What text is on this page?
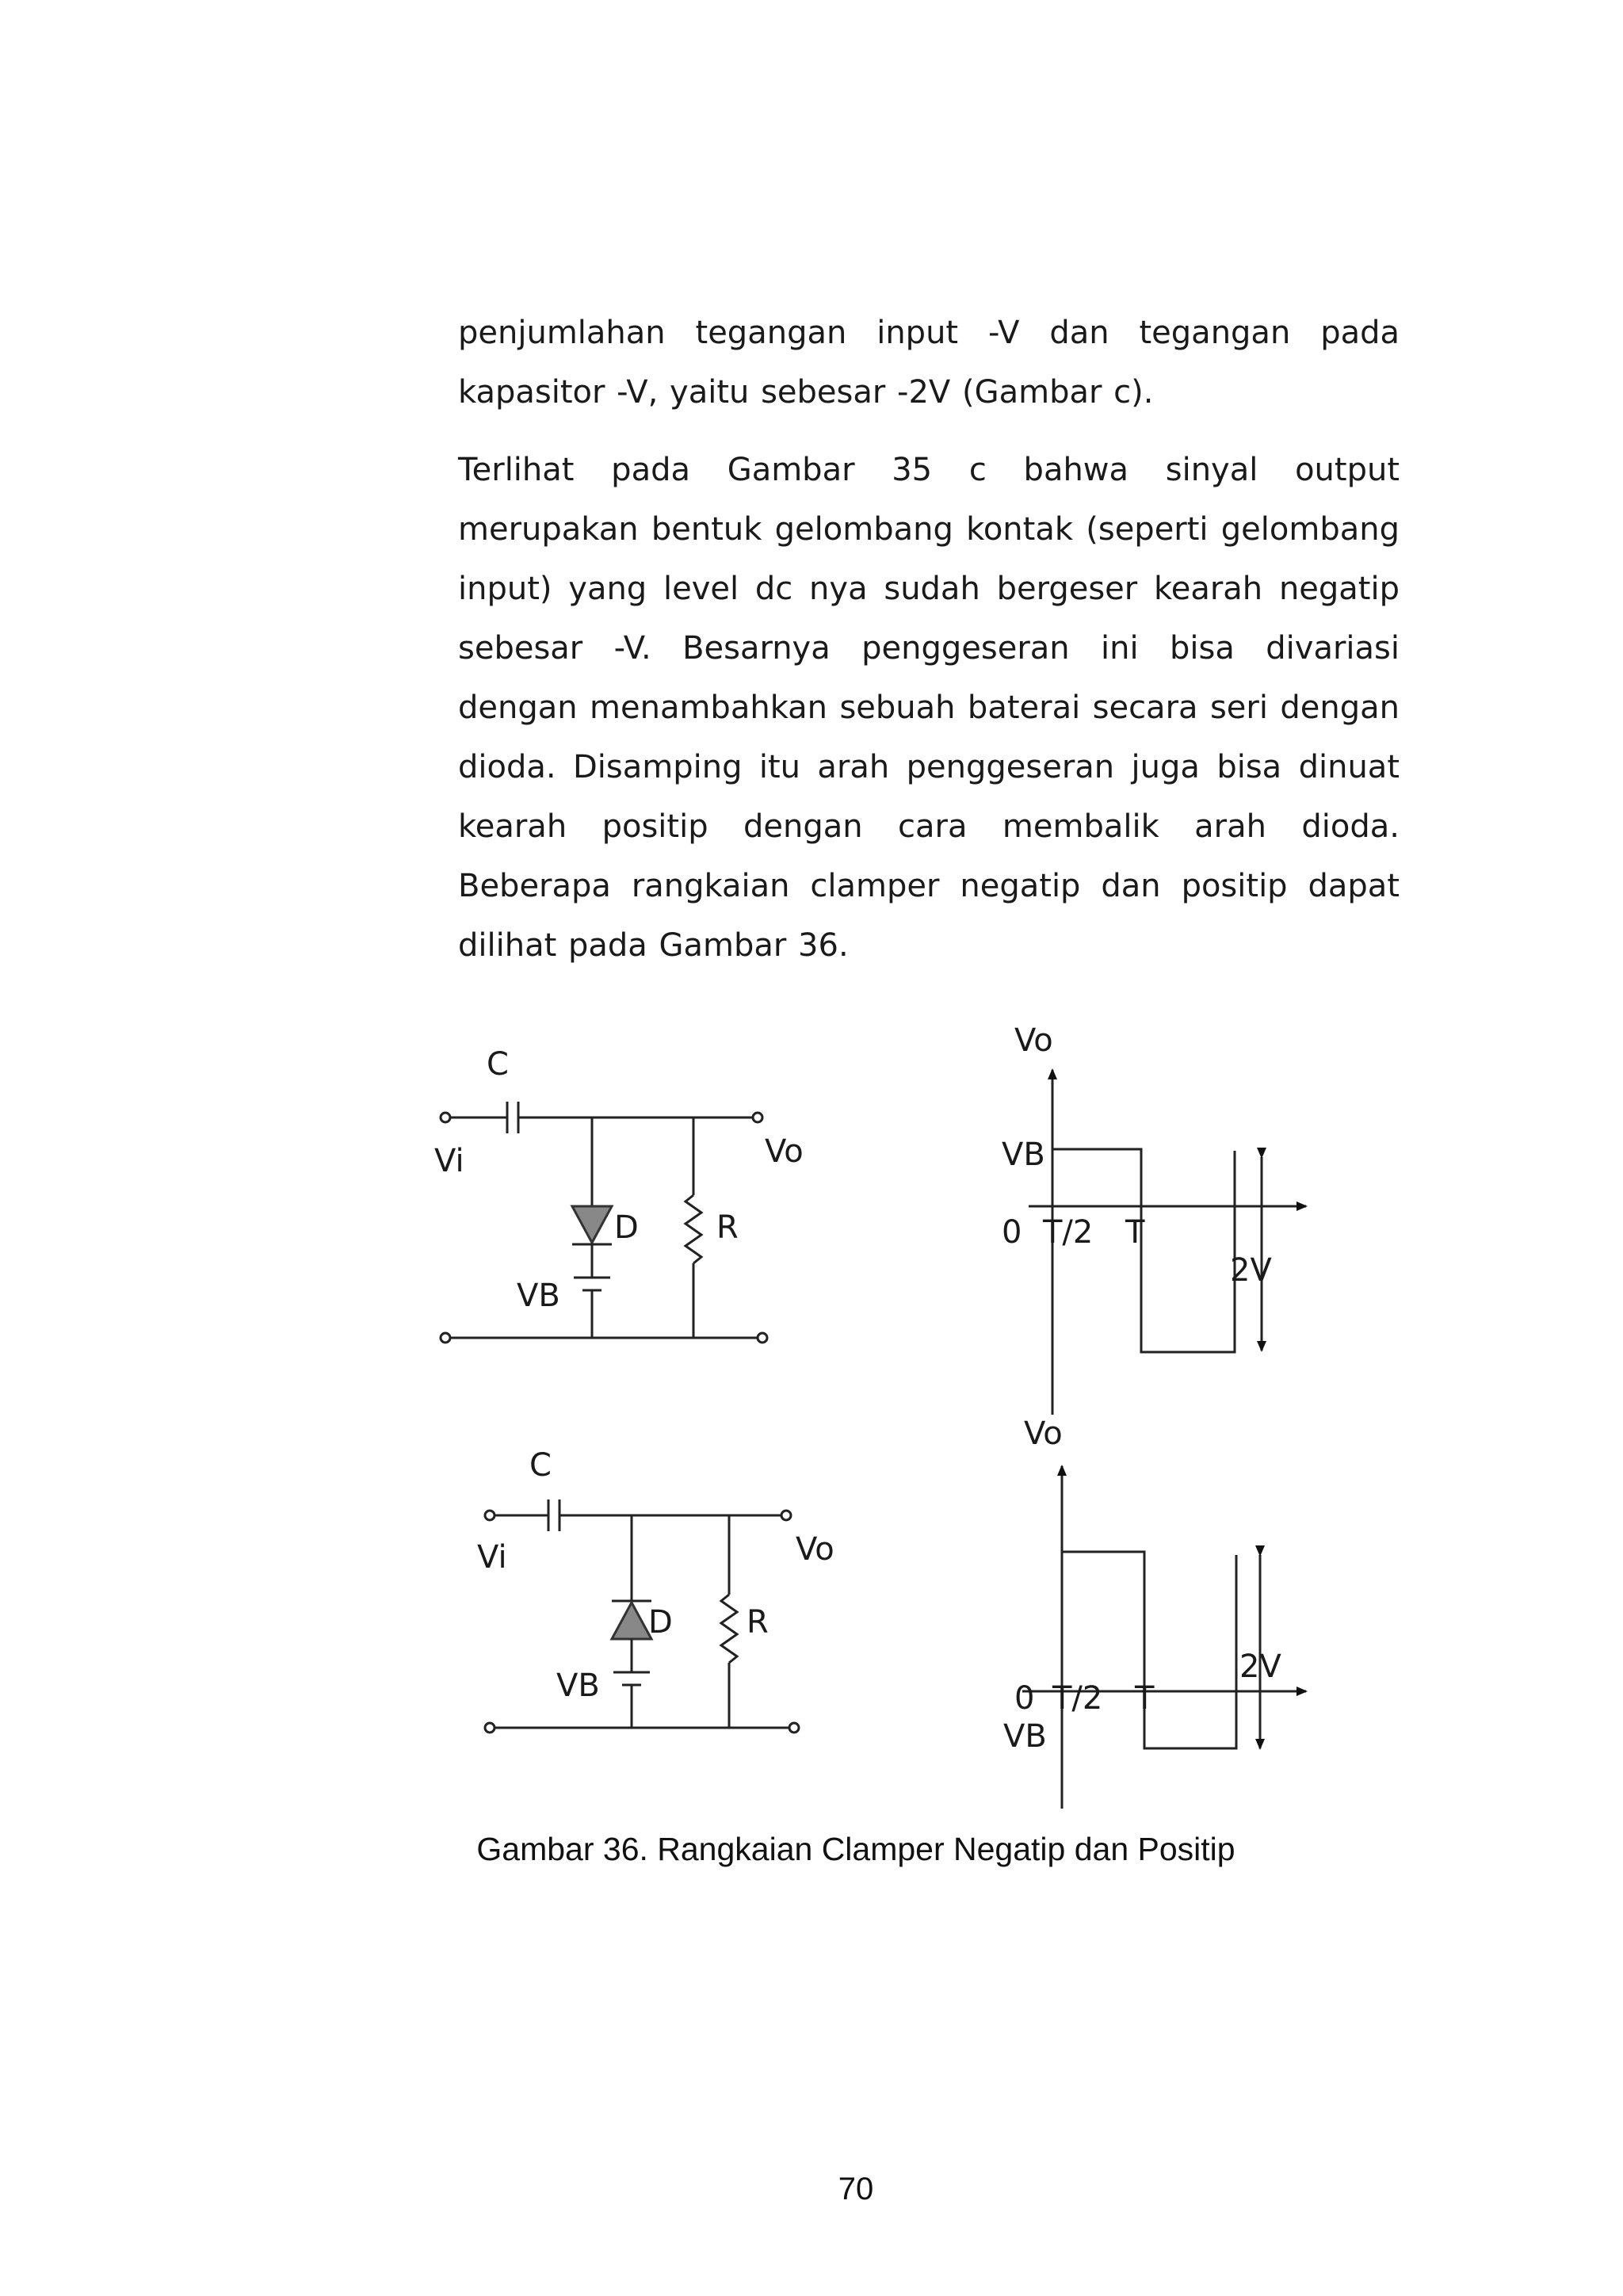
penjumlahan tegangan input -V dan tegangan pada kapasitor -V, yaitu sebesar -2V (Gambar c).

Terlihat pada Gambar 35 c bahwa sinyal output merupakan bentuk gelombang kontak (seperti gelombang input) yang level dc nya sudah bergeser kearah negatip sebesar -V. Besarnya penggeseran ini bisa divariasi dengan menambahkan sebuah baterai secara seri dengan dioda. Disamping itu arah penggeseran juga bisa dinuat kearah positip dengan cara membalik arah dioda. Beberapa rangkaian clamper negatip dan positip dapat dilihat pada Gambar 36.

C
Vi	Vo
D R
VB
Vo
VB
0 T/2 T
2V
C
Vi	Vo
D R
VB
Vo
VB
0 T/2 T
2V

Gambar 36. Rangkaian Clamper Negatip dan Positip

70
